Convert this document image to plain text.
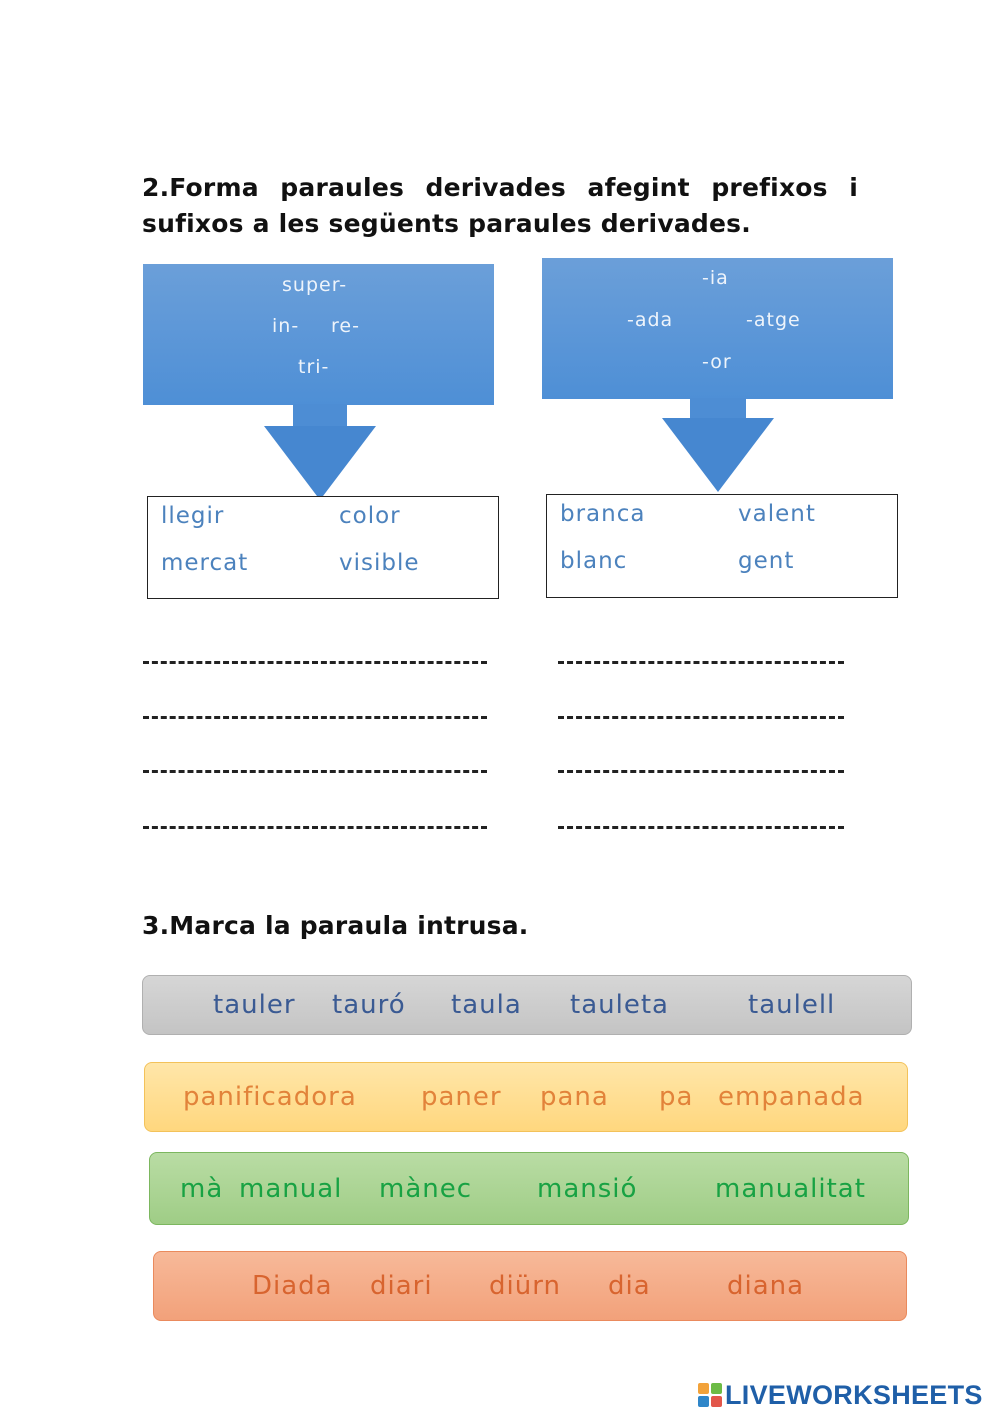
2.Forma paraules derivades afegint prefixos i sufixos a les següents paraules derivades.
super-
in- re-
tri-
-ia
-ada	-atge
-or
llegir	color
mercat	visible
branca	valent
blanc	gent
3.Marca la paraula intrusa.
tauler tauró taula tauleta	taulell
panificadora paner pana pa empanada
mà manual mànec mansió	manualitat
Diada diari diürn dia	diana
LIVEWORKSHEETS
